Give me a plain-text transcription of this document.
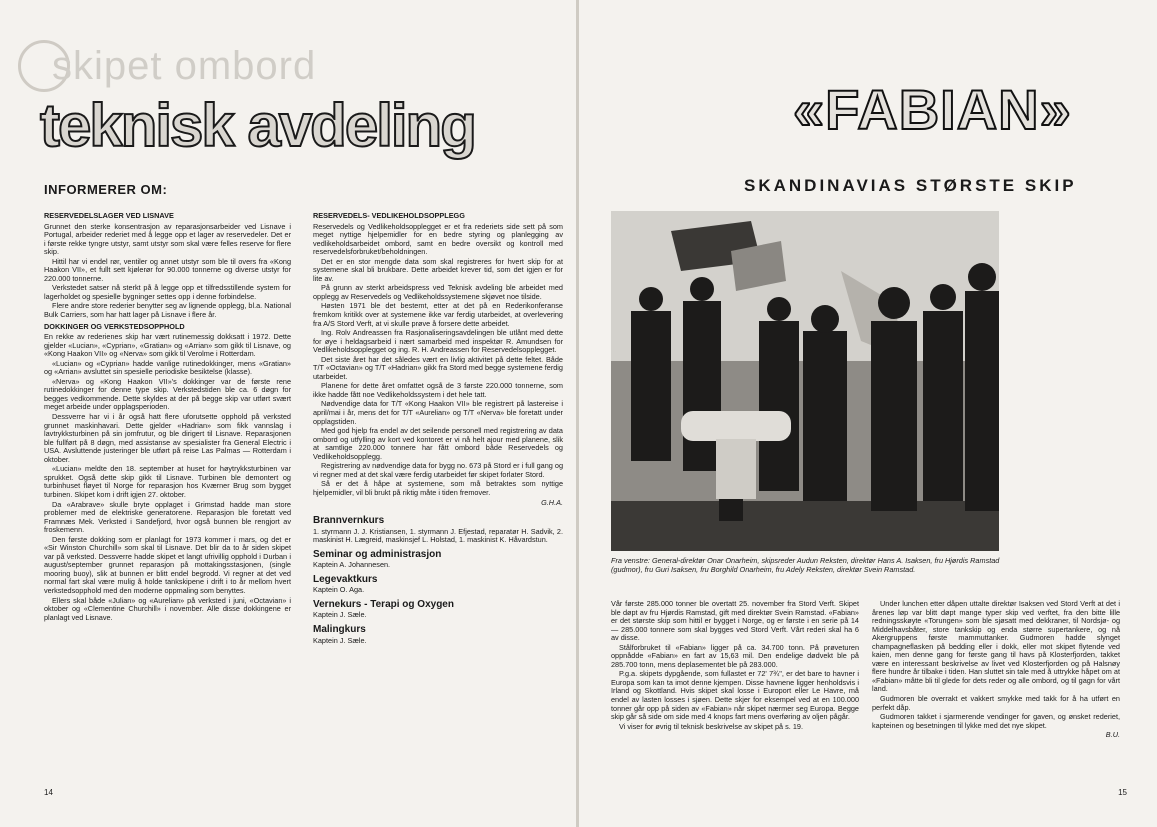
skipet ombord
teknisk avdeling
INFORMERER OM:
RESERVEDELSLAGER VED LISNAVE

Grunnet den sterke konsentrasjon av reparasjonsarbeider ved Lisnave i Portugal, arbeider rederiet med å legge opp et lager av reservedeler. Det er i første rekke tyngre utstyr, samt utstyr som skal være felles reserve for flere skip.

Hittil har vi endel rør, ventiler og annet utstyr som ble til overs fra «Kong Haakon VII», et fullt sett kjølerør for 90.000 tonnerne og diverse utstyr for 220.000 tonnerne.

Verkstedet satser nå sterkt på å legge opp et tilfredsstillende system for lagerholdet og spesielle bygninger settes opp i denne forbindelse.

Flere andre store rederier benytter seg av lignende opplegg, bl.a. National Bulk Carriers, som har hatt lager på Lisnave i flere år.

DOKKINGER OG VERKSTEDSOPPHOLD

En rekke av rederienes skip har vært rutinemessig dokksatt i 1972. Dette gjelder «Lucian», «Cyprian», «Gratian» og «Arrian» som gikk til Lisnave, og «Kong Haakon VII» og «Nerva» som gikk til Verolme i Rotterdam.

«Lucian» og «Cyprian» hadde vanlige rutinedokkinger, mens «Gratian» og «Arrian» avsluttet sin spesielle periodiske besiktelse (klasse).

«Nerva» og «Kong Haakon VII»'s dokkinger var de første rene rutinedokkinger for denne type skip. Verkstedstiden ble ca. 6 døgn for begges vedkommende. Dette skyldes at der på begge skip var utført svært meget arbeide under opplagsperioden.

Dessverre har vi i år også hatt flere uforutsette opphold på verksted grunnet maskinhavari. Dette gjelder «Hadrian» som fikk vannslag i lavtrykksturbinen på sin jomfrutur, og ble dirigert til Lisnave. Reparasjonen ble fullført på 8 døgn, med assistanse av spesialister fra General Electric i USA. Avsluttende justeringer ble utført på reise Las Palmas — Rotterdam i oktober.

«Lucian» meldte den 18. september at huset for høytrykksturbinen var sprukket. Også dette skip gikk til Lisnave. Turbinen ble demontert og turbinhuset fløyet til Norge for reparasjon hos Kværner Brug som bygget turbinen. Skipet kom i drift igjen 27. oktober.

Da «Arabrave» skulle bryte opplaget i Grimstad hadde man store problemer med de elektriske generatorene. Reparasjon ble foretatt ved Framnæs Mek. Verksted i Sandefjord, hvor også bunnen ble rengjort av froskemenn.

Den første dokking som er planlagt for 1973 kommer i mars, og det er «Sir Winston Churchill» som skal til Lisnave. Det blir da to år siden skipet var på verksted. Dessverre hadde skipet et langt ufrivillig opphold i Durban i august/september grunnet reparasjon på mottakingsstasjonen, (single mooring buoy), slik at bunnen er blitt endel begrodd. Vi regner at det ved normal fart skal være mulig å holde tankskipene i drift i to år mellom hvert verkstedsopphold med den moderne oppmaling som benyttes.

Ellers skal både «Julian» og «Aurelian» på verksted i juni, «Octavian» i oktober og «Clementine Churchill» i november. Alle disse dokkingene er planlagt ved Lisnave.

RESERVEDELS- VEDLIKEHOLDSOPPLEGG

Reservedels og Vedlikeholdsopplegget er et fra rederiets side sett på som meget nyttige hjelpemidler for en bedre styring og planlegging av vedlikeholdsarbeidet ombord, samt en bedre oversikt og kontroll med reservedelsforbruket/beholdningen.

Det er en stor mengde data som skal registreres for hvert skip for at systemene skal bli brukbare. Dette arbeidet krever tid, som det igjen er for lite av.

På grunn av sterkt arbeidspress ved Teknisk avdeling ble arbeidet med opplegg av Reservedels og Vedlikeholdssystemene skjøvet noe tilside.

Høsten 1971 ble det bestemt, etter at det på en Rederikonferanse fremkom kritikk over at systemene ikke var ferdig utarbeidet, at overlevering fra A/S Stord Verft, at vi skulle prøve å forsere dette arbeidet.

Ing. Rolv Andreassen fra Rasjonaliseringsavdelingen ble utlånt med dette for øye i heldagsarbeid i nært samarbeid med inspektør R. Amundsen for Vedlikeholdsopplegget og ing. R. H. Andreassen for Reservedelsopplegget.

Det siste året har det således vært en livlig aktivitet på dette feltet. Både T/T «Octavian» og T/T «Hadrian» gikk fra Stord med begge systemene ferdig utarbeidet.

Planene for dette året omfattet også de 3 første 220.000 tonnerne, som ikke hadde fått noe Vedlikeholdssystem i det hele tatt.

Nødvendige data for T/T «Kong Haakon VII» ble registrert på lastereise i april/mai i år, mens det for T/T «Aurelian» og T/T «Nerva» ble foretatt under opplagstiden.

Med god hjelp fra endel av det seilende personell med registrering av data ombord og utfylling av kort ved kontoret er vi nå helt ajour med planene, slik at samtlige 220.000 tonnere har fått ombord både Reservedels og Vedlikeholdsopplegg.

Registrering av nødvendige data for bygg no. 673 på Stord er i full gang og vi regner med at det skal være ferdig utarbeidet før skipet forlater Stord.

Så er det å håpe at systemene, som må betraktes som nyttige hjelpemidler, vil bli brukt på riktig måte i tiden fremover.

G.H.A.

Brannvernkurs

1. styrmann J. J. Kristiansen, 1. styrmann J. Efjestad, reparatør H. Sadvik, 2. maskinist H. Lægreid, maskinsjef L. Holstad, 1. maskinist K. Håvardstun.

Seminar og administrasjon

Kaptein A. Johannesen.

Legevaktkurs

Kaptein O. Aga.

Vernekurs - Terapi og Oxygen

Kaptein J. Sæle.

Malingkurs

Kaptein J. Sæle.

14
«FABIAN»
SKANDINAVIAS STØRSTE SKIP
Fra venstre: General-direktør Onar Onarheim, skipsreder Audun Reksten, direktør Hans A. Isaksen, fru Hjørdis Ramstad (gudmor), fru Guri Isaksen, fru Borghild Onarheim, fru Adely Reksten, direktør Svein Ramstad.

Vår første 285.000 tonner ble overtatt 25. november fra Stord Verft. Skipet ble døpt av fru Hjørdis Ramstad, gift med direktør Svein Ramstad. «Fabian» er det største skip som hittil er bygget i Norge, og er første i en serie på 14 — 285.000 tonnere som skal bygges ved Stord Verft. Vårt rederi skal ha 6 av disse.

Stålforbruket til «Fabian» ligger på ca. 34.700 tonn. På prøveturen oppnådde «Fabian» en fart av 15,63 mil. Den endelige dødvekt ble på 285.700 tonn, mens deplasementet ble på 283.000.

P.g.a. skipets dypgående, som fullastet er 72' 7¾", er det bare to havner i Europa som kan ta imot denne kjempen. Disse havnene ligger henholdsvis i Irland og Skottland. Hvis skipet skal losse i Europort eller Le Havre, må endel av lasten losses i sjøen. Dette skjer for eksempel ved at en 100.000 tonner går opp på siden av «Fabian» når skipet nærmer seg Europa. Begge skip går så side om side med 4 knops fart mens overføring av oljen pågår.

Vi viser for øvrig til teknisk beskrivelse av skipet på s. 19.

Under lunchen etter dåpen uttalte direktør Isaksen ved Stord Verft at det i årenes løp var blitt døpt mange typer skip ved verftet, fra den bitte lille redningsskøyte «Torungen» som ble sjøsatt med dekkraner, til Nordsjø- og Middelhavsbåter, store tankskip og enda større supertankere, og nå Akergruppens første mammuttanker. Gudmoren hadde slynget champagneflasken på bedding eller i dokk, eller mot skipet flytende ved kaien, men denne gang for første gang til havs på Klosterfjorden, takket være en interessant beskrivelse av livet ved Klosterfjorden og på Halsnøy flere hundre år tilbake i tiden. Han sluttet sin tale med å uttrykke håpet om at «Fabian» måtte bli til glede for dets reder og alle ombord, og til gagn for vårt land.

Gudmoren ble overrakt et vakkert smykke med takk for å ha utført en perfekt dåp.

Gudmoren takket i sjarmerende vendinger for gaven, og ønsket rederiet, kapteinen og besetningen til lykke med det nye skipet.

B.U.

15
